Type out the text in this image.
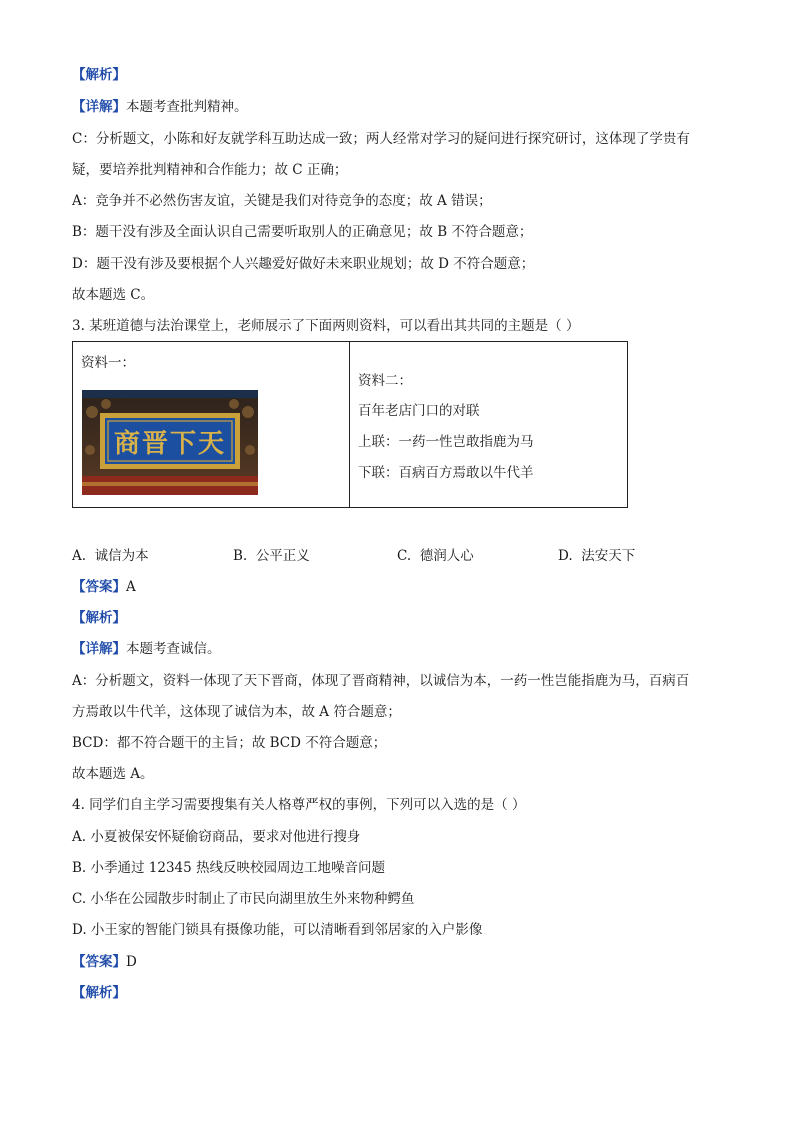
【解析】
【详解】本题考查批判精神。
C：分析题文，小陈和好友就学科互助达成一致；两人经常对学习的疑问进行探究研讨，这体现了学贵有
疑，要培养批判精神和合作能力；故 C 正确；
A：竞争并不必然伤害友谊，关键是我们对待竞争的态度；故 A 错误；
B：题干没有涉及全面认识自己需要听取别人的正确意见；故 B 不符合题意；
D：题干没有涉及要根据个人兴趣爱好做好未来职业规划；故 D 不符合题意；
故本题选 C。
3. 某班道德与法治课堂上，老师展示了下面两则资料，可以看出其共同的主题是（ ）
资料一：
天下晋商

资料二：
百年老店门口的对联
上联：一药一性岂敢指鹿为马
下联：百病百方焉敢以牛代羊
A. 诚信为本	B. 公平正义	C. 德润人心	D. 法安天下
【答案】A
【解析】
【详解】本题考查诚信。
A：分析题文，资料一体现了天下晋商，体现了晋商精神，以诚信为本，一药一性岂能指鹿为马，百病百
方焉敢以牛代羊，这体现了诚信为本，故 A 符合题意；
BCD：都不符合题干的主旨；故 BCD 不符合题意；
故本题选 A。
4. 同学们自主学习需要搜集有关人格尊严权的事例，下列可以入选的是（ ）
A. 小夏被保安怀疑偷窃商品，要求对他进行搜身
B. 小季通过 12345 热线反映校园周边工地噪音问题
C. 小华在公园散步时制止了市民向湖里放生外来物种鳄鱼
D. 小王家的智能门锁具有摄像功能，可以清晰看到邻居家的入户影像
【答案】D
【解析】
